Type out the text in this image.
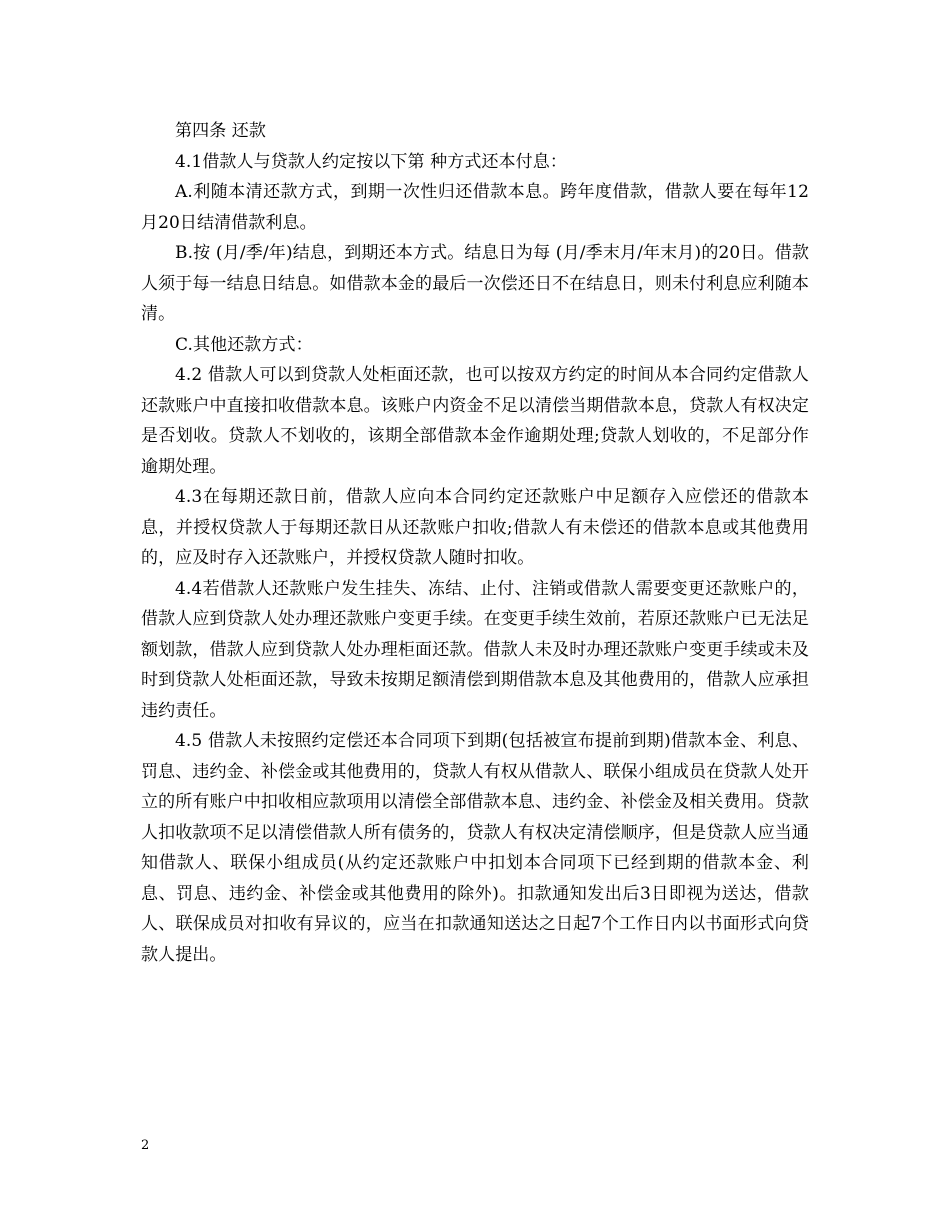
第四条 还款

4.1借款人与贷款人约定按以下第 种方式还本付息：

A.利随本清还款方式，到期一次性归还借款本息。跨年度借款，借款人要在每年12月20日结清借款利息。

B.按 (月/季/年)结息，到期还本方式。结息日为每 (月/季末月/年末月)的20日。借款人须于每一结息日结息。如借款本金的最后一次偿还日不在结息日，则未付利息应利随本清。

C.其他还款方式：

4.2 借款人可以到贷款人处柜面还款，也可以按双方约定的时间从本合同约定借款人还款账户中直接扣收借款本息。该账户内资金不足以清偿当期借款本息，贷款人有权决定是否划收。贷款人不划收的，该期全部借款本金作逾期处理;贷款人划收的，不足部分作逾期处理。

4.3在每期还款日前，借款人应向本合同约定还款账户中足额存入应偿还的借款本息，并授权贷款人于每期还款日从还款账户扣收;借款人有未偿还的借款本息或其他费用的，应及时存入还款账户，并授权贷款人随时扣收。

4.4若借款人还款账户发生挂失、冻结、止付、注销或借款人需要变更还款账户的，借款人应到贷款人处办理还款账户变更手续。在变更手续生效前，若原还款账户已无法足额划款，借款人应到贷款人处办理柜面还款。借款人未及时办理还款账户变更手续或未及时到贷款人处柜面还款，导致未按期足额清偿到期借款本息及其他费用的，借款人应承担违约责任。

4.5 借款人未按照约定偿还本合同项下到期(包括被宣布提前到期)借款本金、利息、罚息、违约金、补偿金或其他费用的，贷款人有权从借款人、联保小组成员在贷款人处开立的所有账户中扣收相应款项用以清偿全部借款本息、违约金、补偿金及相关费用。贷款人扣收款项不足以清偿借款人所有债务的，贷款人有权决定清偿顺序，但是贷款人应当通知借款人、联保小组成员(从约定还款账户中扣划本合同项下已经到期的借款本金、利息、罚息、违约金、补偿金或其他费用的除外)。扣款通知发出后3日即视为送达，借款人、联保成员对扣收有异议的，应当在扣款通知送达之日起7个工作日内以书面形式向贷款人提出。

2
